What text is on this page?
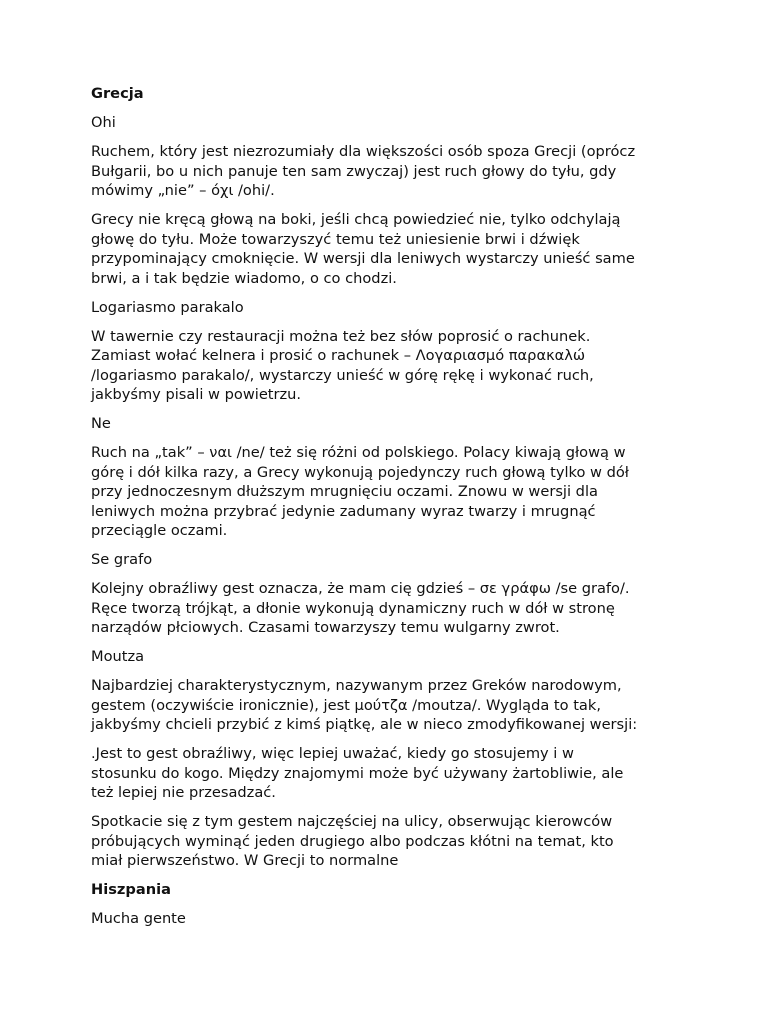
Grecja

Ohi

Ruchem, który jest niezrozumiały dla większości osób spoza Grecji (oprócz
Bułgarii, bo u nich panuje ten sam zwyczaj) jest ruch głowy do tyłu, gdy
mówimy „nie” – όχι /ohi/.

Grecy nie kręcą głową na boki, jeśli chcą powiedzieć nie, tylko odchylają
głowę do tyłu. Może towarzyszyć temu też uniesienie brwi i dźwięk
przypominający cmoknięcie. W wersji dla leniwych wystarczy unieść same
brwi, a i tak będzie wiadomo, o co chodzi.

Logariasmo parakalo

W tawernie czy restauracji można też bez słów poprosić o rachunek.
Zamiast wołać kelnera i prosić o rachunek – Λογαριασμό παρακαλώ
/logariasmo parakalo/, wystarczy unieść w górę rękę i wykonać ruch,
jakbyśmy pisali w powietrzu.

Ne

Ruch na „tak” – ναι /ne/ też się różni od polskiego. Polacy kiwają głową w
górę i dół kilka razy, a Grecy wykonują pojedynczy ruch głową tylko w dół
przy jednoczesnym dłuższym mrugnięciu oczami. Znowu w wersji dla
leniwych można przybrać jedynie zadumany wyraz twarzy i mrugnąć
przeciągle oczami.

Se grafo

Kolejny obraźliwy gest oznacza, że mam cię gdzieś – σε γράφω /se grafo/.
Ręce tworzą trójkąt, a dłonie wykonują dynamiczny ruch w dół w stronę
narządów płciowych. Czasami towarzyszy temu wulgarny zwrot.

Moutza

Najbardziej charakterystycznym, nazywanym przez Greków narodowym,
gestem (oczywiście ironicznie), jest μούτζα /moutza/. Wygląda to tak,
jakbyśmy chcieli przybić z kimś piątkę, ale w nieco zmodyfikowanej wersji:

.Jest to gest obraźliwy, więc lepiej uważać, kiedy go stosujemy i w
stosunku do kogo. Między znajomymi może być używany żartobliwie, ale
też lepiej nie przesadzać.

Spotkacie się z tym gestem najczęściej na ulicy, obserwując kierowców
próbujących wyminąć jeden drugiego albo podczas kłótni na temat, kto
miał pierwszeństwo. W Grecji to normalne

Hiszpania

Mucha gente
